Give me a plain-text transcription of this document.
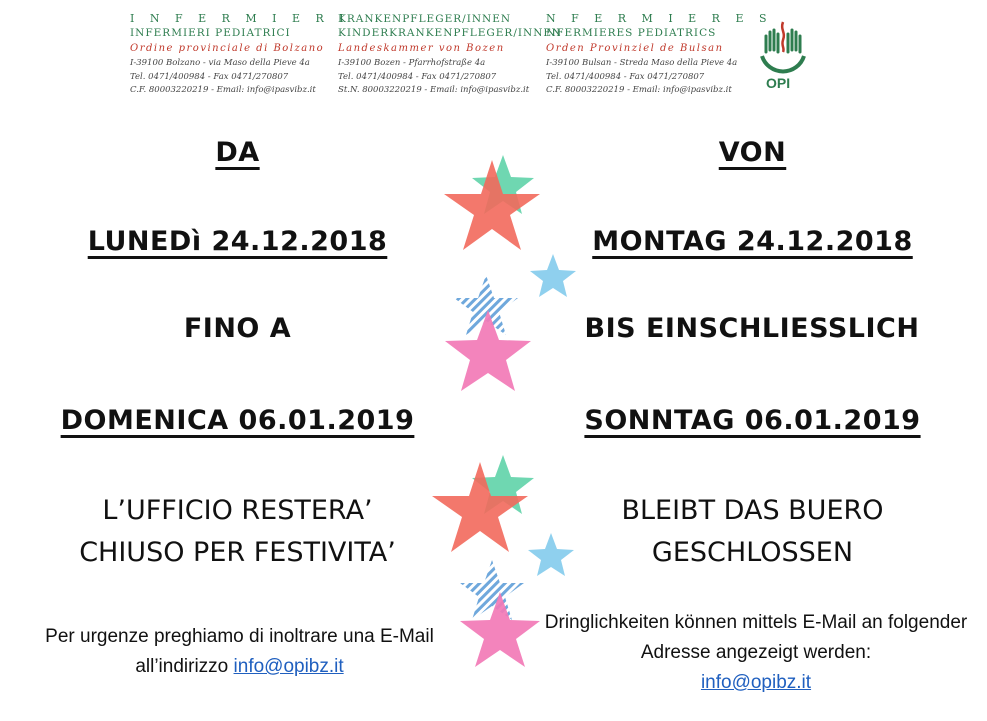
I N F E R M I E R I
INFERMIERI PEDIATRICI
Ordine provinciale di Bolzano
I-39100 Bolzano - via Maso della Pieve 4a
Tel. 0471/400984 - Fax 0471/270807
C.F. 80003220219 - Email: info@ipasvibz.it
KRANKENPFLEGER/INNEN
KINDERKRANKENPFLEGER/INNEN
Landeskammer von Bozen
I-39100 Bozen - Pfarrhofstraße 4a
Tel. 0471/400984 - Fax 0471/270807
St.N. 80003220219 - Email: info@ipasvibz.it
N F E R M I E R E S
NFERMIERES PEDIATRICS
Orden Provinziel de Bulsan
I-39100 Bulsan - Streda Maso della Pieve 4a
Tel. 0471/400984 - Fax 0471/270807
C.F. 80003220219 - Email: info@ipasvibz.it	OPI
DA
LUNEDì 24.12.2018
FINO A
DOMENICA 06.01.2019
L’UFFICIO RESTERA’
CHIUSO PER FESTIVITA’
Per urgenze preghiamo di inoltrare una E-Mail all’indirizzo info@opibz.it
VON
MONTAG 24.12.2018
BIS EINSCHLIESSLICH
SONNTAG 06.01.2019
BLEIBT DAS BUERO
GESCHLOSSEN
Dringlichkeiten können mittels E-Mail an folgender Adresse angezeigt werden:
info@opibz.it
